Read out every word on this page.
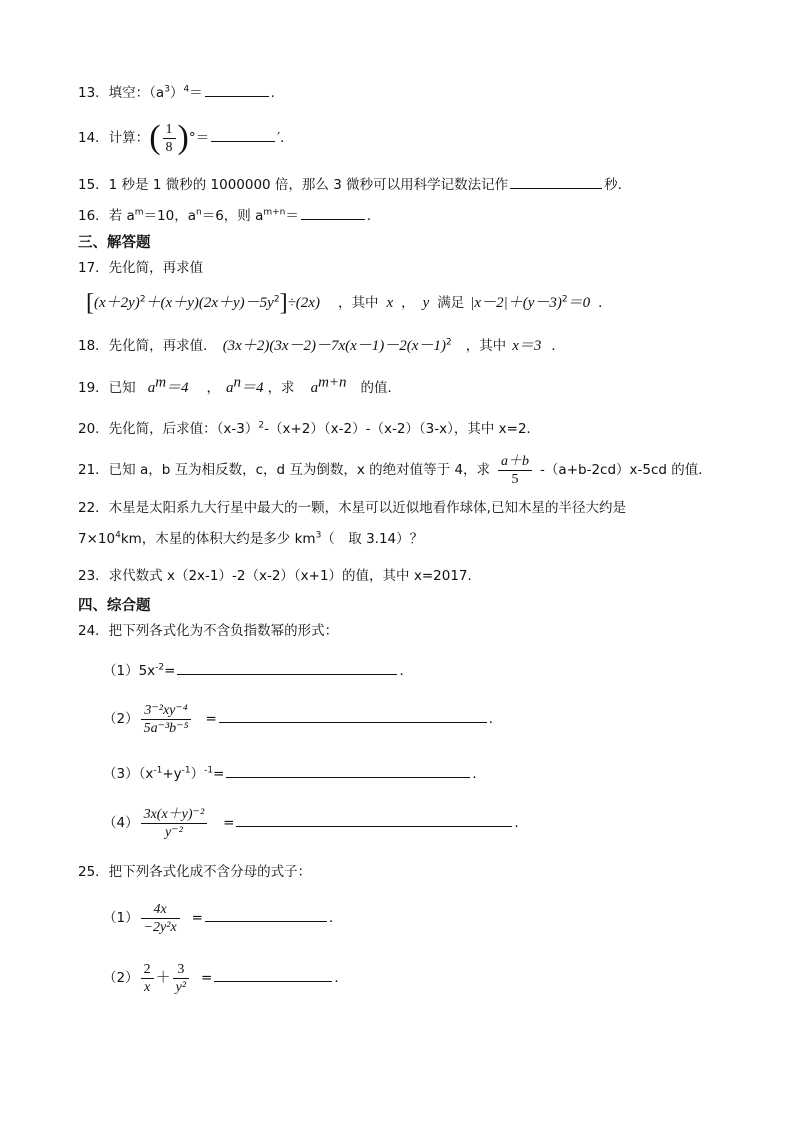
13．填空：$(a^3)^4=$	．
14．计算：( $\frac{1}{8}$ )°＝	′．
15．1 秒是 1 微秒的 1000000 倍，那么 3 微秒可以用科学记数法记作	秒．
16．若 $a^m=10$，$a^n=6$，则 $a^{m+n}=$	．
三、解答题
17．先化简，再求值
$[(x+2y)^2+(x+y)(2x+y)-5y^2]\div(2x)$ ，其中 x ， y 满足 $|x-2|+(y-3)^2=0$ ．
18．先化简，再求值． $(3x+2)(3x-2)-7x(x-1)-2(x-1)^2$ ，其中 x＝3 ．
19．已知 $a^m=4$ ， $a^n=4$ ，求 $a^{m+n}$ 的值．
20．先化简，后求值：$(x-3)^2-(x+2)(x-2)-(x-2)(3-x)$，其中 x=2．
21．已知 a，b 互为相反数，c，d 互为倒数，x 的绝对值等于 4，求 $\frac{a+b}{5} -(a+b-2cd)x-5cd$ 的值．
22．木星是太阳系九大行星中最大的一颗，木星可以近似地看作球体,已知木星的半径大约是
$7\times 10^4km$，木星的体积大约是多少 $km^3$（　取 3.14）？
23．求代数式 x（2x-1）-2（x-2）（x+1）的值，其中 x=2017．
四、综合题
24．把下列各式化为不含负指数幂的形式：
$(1)5x^{-2}=$	．
$(2) \frac{\text{3⁻²xy⁻⁴}}{\text{5a⁻³b⁻⁵}}$ =	．
$(3)(x^{-1}+y^{-1})^{-1}=$	．
$(4) \frac{\text{3x(x＋y)⁻²}}{\text{y⁻²}}$ =	．
25．把下列各式化成不含分母的式子：
$(1) \frac{4x}{\text{−2y²x}}$ =	．
$(2) \frac{2}{x} + \frac{3}{\text{y²}}$ =	．
